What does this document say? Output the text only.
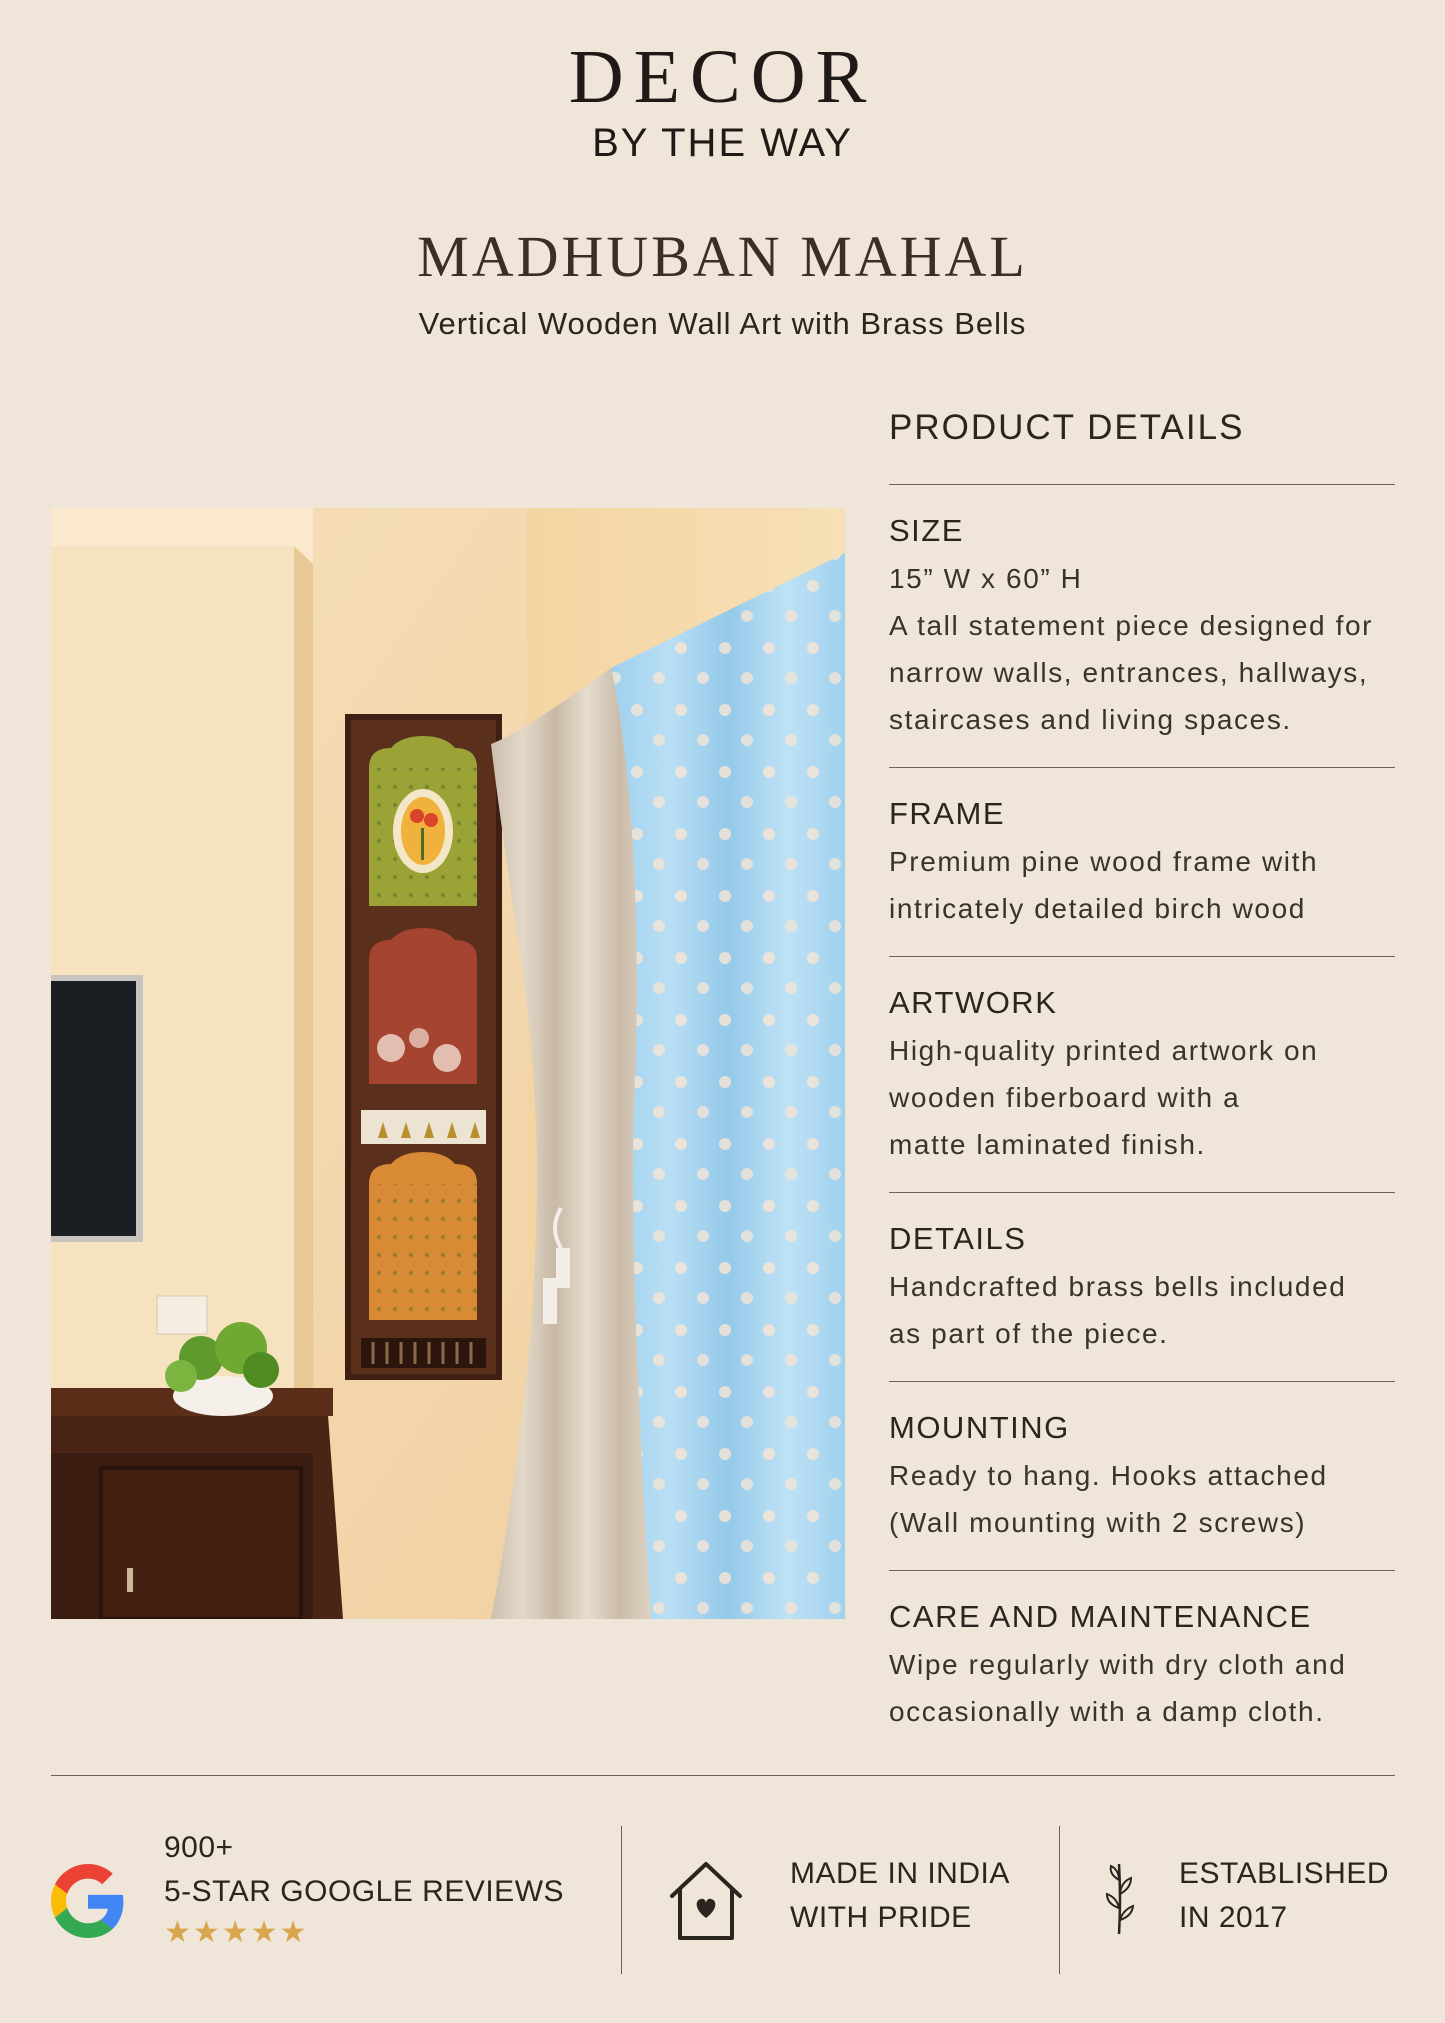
DECOR
BY THE WAY
MADHUBAN MAHAL
Vertical Wooden Wall Art with Brass Bells
PRODUCT DETAILS
SIZE
15” W x 60” H
A tall statement piece designed for
narrow walls, entrances, hallways,
staircases and living spaces.
FRAME
Premium pine wood frame with
intricately detailed birch wood
ARTWORK
High-quality printed artwork on
wooden fiberboard with a
matte laminated finish.
DETAILS
Handcrafted brass bells included
as part of the piece.
MOUNTING
Ready to hang. Hooks attached
(Wall mounting with 2 screws)
CARE AND MAINTENANCE
Wipe regularly with dry cloth and
occasionally with a damp cloth.
900+
5-STAR GOOGLE REVIEWS
★★★★★
MADE IN INDIA
WITH PRIDE
ESTABLISHED
IN 2017
